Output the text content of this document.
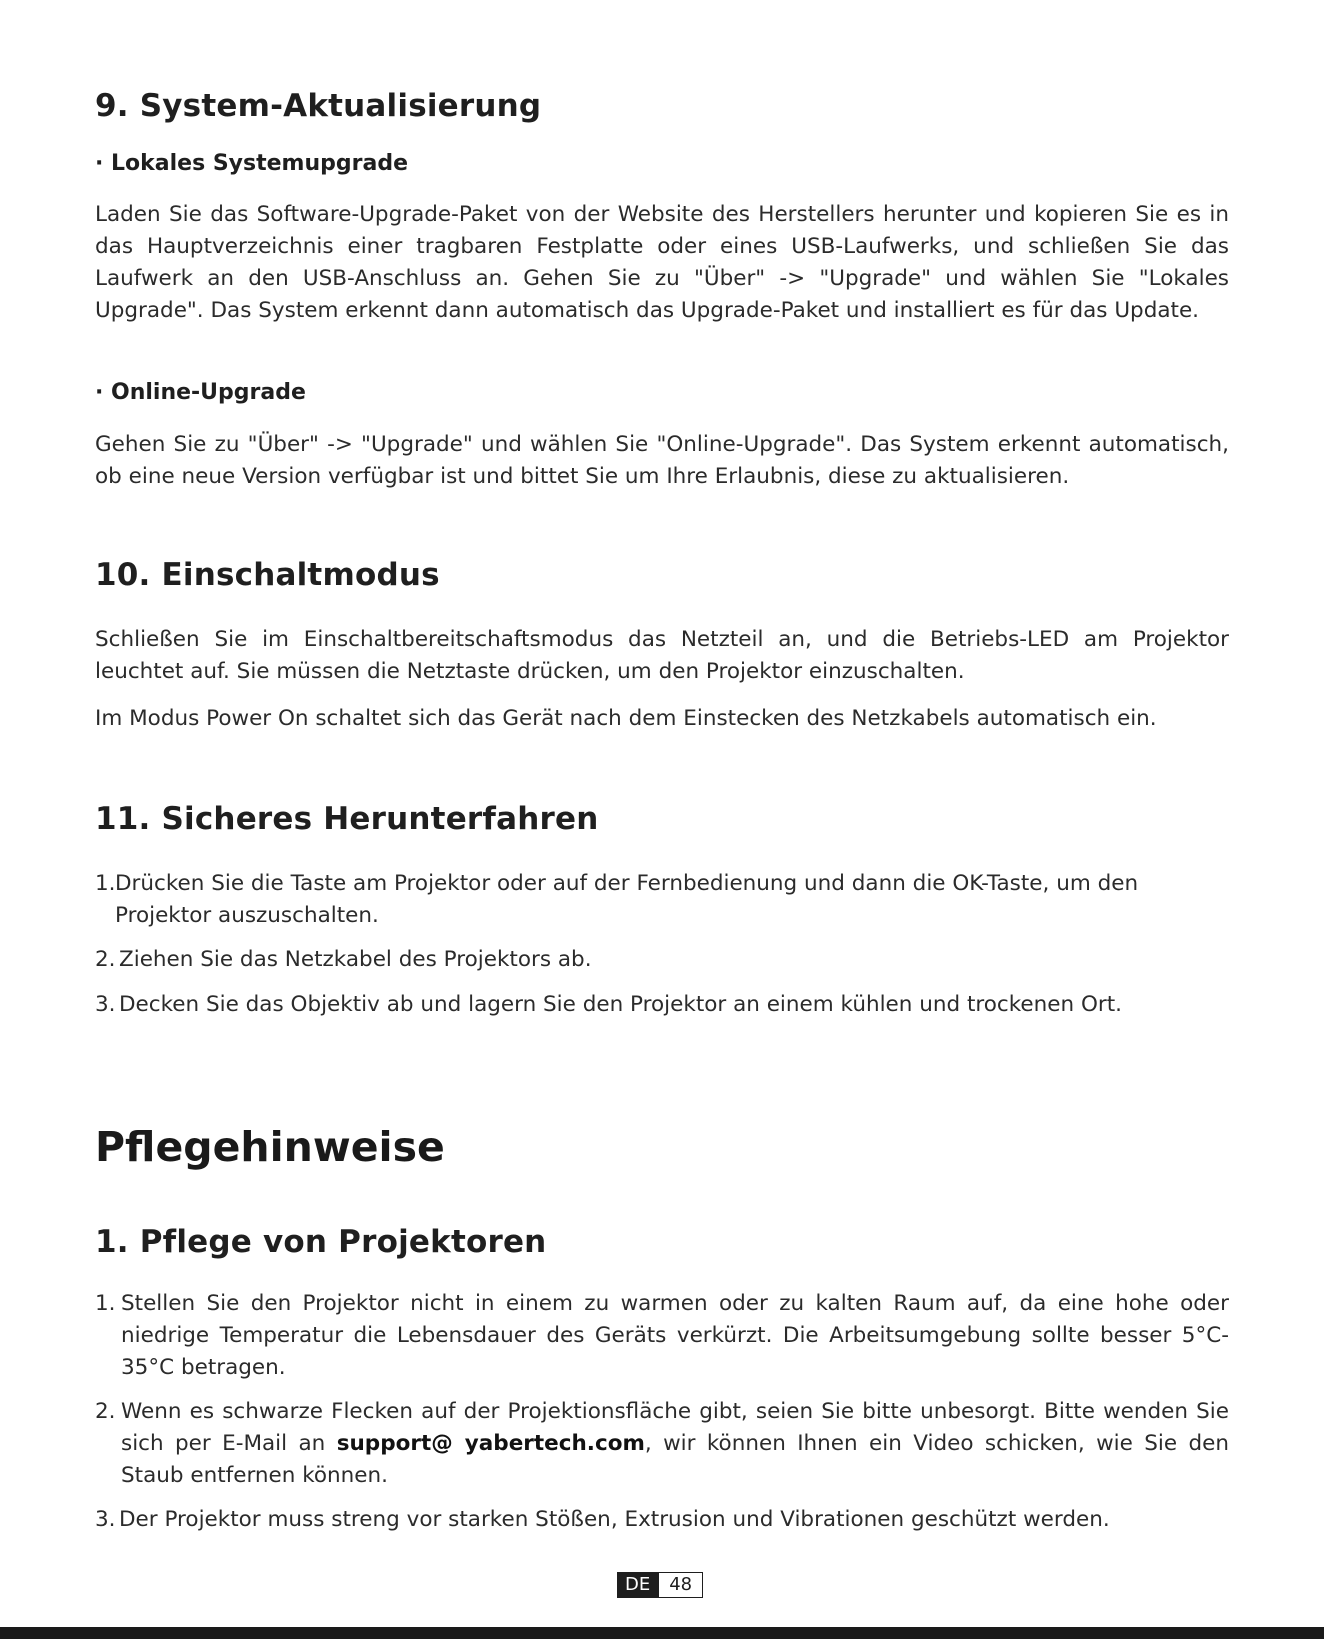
9. System-Aktualisierung
· Lokales Systemupgrade

Laden Sie das Software-Upgrade-Paket von der Website des Herstellers herunter und kopieren Sie es in das Hauptverzeichnis einer tragbaren Festplatte oder eines USB-Laufwerks, und schließen Sie das Laufwerk an den USB-Anschluss an. Gehen Sie zu "Über" -> "Upgrade" und wählen Sie "Lokales Upgrade". Das System erkennt dann automatisch das Upgrade-Paket und installiert es für das Update.

· Online-Upgrade

Gehen Sie zu "Über" -> "Upgrade" und wählen Sie "Online-Upgrade". Das System erkennt automatisch, ob eine neue Version verfügbar ist und bittet Sie um Ihre Erlaubnis, diese zu aktualisieren.

10. Einschaltmodus

Schließen Sie im Einschaltbereitschaftsmodus das Netzteil an, und die Betriebs-LED am Projektor leuchtet auf. Sie müssen die Netztaste drücken, um den Projektor einzuschalten.

Im Modus Power On schaltet sich das Gerät nach dem Einstecken des Netzkabels automatisch ein.

11. Sicheres Herunterfahren
1. Drücken Sie die Taste am Projektor oder auf der Fernbedienung und dann die OK-Taste, um den Projektor auszuschalten.
2. Ziehen Sie das Netzkabel des Projektors ab.
3. Decken Sie das Objektiv ab und lagern Sie den Projektor an einem kühlen und trockenen Ort.
Pflegehinweise
1. Pflege von Projektoren
1. Stellen Sie den Projektor nicht in einem zu warmen oder zu kalten Raum auf, da eine hohe oder niedrige Temperatur die Lebensdauer des Geräts verkürzt. Die Arbeitsumgebung sollte besser 5°C-35°C betragen.
2. Wenn es schwarze Flecken auf der Projektionsfläche gibt, seien Sie bitte unbesorgt. Bitte wenden Sie sich per E-Mail an support@ yabertech.com, wir können Ihnen ein Video schicken, wie Sie den Staub entfernen können.
3. Der Projektor muss streng vor starken Stößen, Extrusion und Vibrationen geschützt werden.
DE	48
